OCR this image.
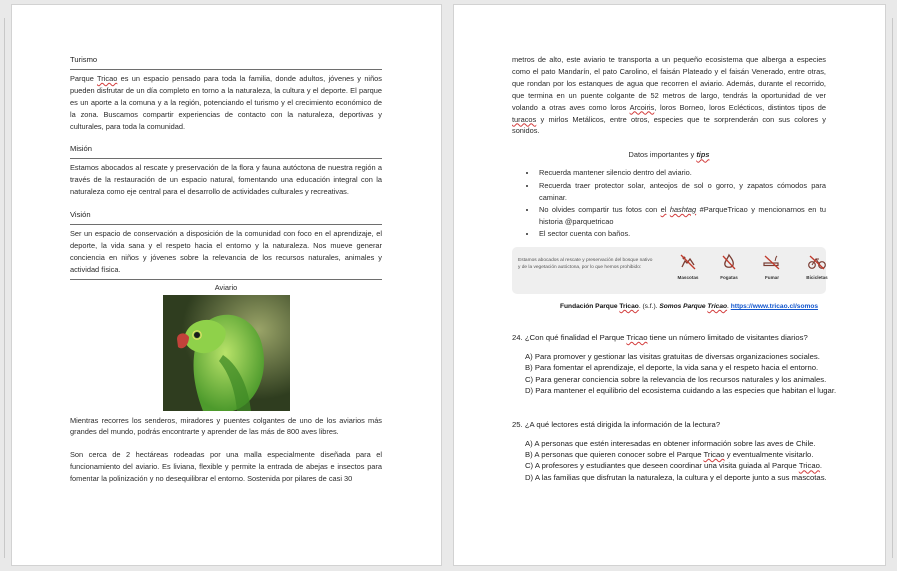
Turismo

Parque Tricao es un espacio pensado para toda la familia, donde adultos, jóvenes y niños pueden disfrutar de un día completo en torno a la naturaleza, la cultura y el deporte. El parque es un aporte a la comuna y a la región, potenciando el turismo y el crecimiento económico de la zona. Buscamos compartir experiencias de contacto con la naturaleza, deportivas y culturales, para toda la comunidad.

Misión

Estamos abocados al rescate y preservación de la flora y fauna autóctona de nuestra región a través de la restauración de un espacio natural, fomentando una educación integral con la naturaleza como eje central para el desarrollo de actividades culturales y recreativas.

Visión

Ser un espacio de conservación a disposición de la comunidad con foco en el aprendizaje, el deporte, la vida sana y el respeto hacia el entorno y la naturaleza. Nos mueve generar conciencia en niños y jóvenes sobre la relevancia de los recursos naturales, animales y actividad física.

Aviario

Mientras recorres los senderos, miradores y puentes colgantes de uno de los aviarios más grandes del mundo, podrás encontrarte y aprender de las más de 800 aves libres.

Son cerca de 2 hectáreas rodeadas por una malla especialmente diseñada para el funcionamiento del aviario. Es liviana, flexible y permite la entrada de abejas e insectos para fomentar la polinización y no desequilibrar el entorno. Sostenida por pilares de casi 30

metros de alto, este aviario te transporta a un pequeño ecosistema que alberga a especies como el pato Mandarín, el pato Carolino, el faisán Plateado y el faisán Venerado, entre otras, que rondan por los estanques de agua que recorren el aviario. Además, durante el recorrido, que termina en un puente colgante de 52 metros de largo, tendrás la oportunidad de ver volando a otras aves como loros Arcoiris, loros Borneo, loros Eclécticos, distintos tipos de turacos y mirlos Metálicos, entre otros, especies que te sorprenderán con sus colores y sonidos.

Datos importantes y tips
• Recuerda mantener silencio dentro del aviario.
• Recuerda traer protector solar, anteojos de sol o gorro, y zapatos cómodos para caminar.
• No olvides compartir tus fotos con el hashtag #ParqueTricao y mencionarnos en tu historia @parquetricao
• El sector cuenta con baños.
Estamos abocados al rescate y preservación del bosque nativo y de la vegetación autóctona, por lo que hemos prohibido:
Mascotas	Fogatas	Fumar	Bicicletas
Fundación Parque Tricao. (s.f.). Somos Parque Tricao. https://www.tricao.cl/somos
24. ¿Con qué finalidad el Parque Tricao tiene un número limitado de visitantes diarios?
A) Para promover y gestionar las visitas gratuitas de diversas organizaciones sociales.
B) Para fomentar el aprendizaje, el deporte, la vida sana y el respeto hacia el entorno.
C) Para generar conciencia sobre la relevancia de los recursos naturales y los animales.
D) Para mantener el equilibrio del ecosistema cuidando a las especies que habitan el lugar.
25. ¿A qué lectores está dirigida la información de la lectura?
A) A personas que estén interesadas en obtener información sobre las aves de Chile.
B) A personas que quieren conocer sobre el Parque Tricao y eventualmente visitarlo.
C) A profesores y estudiantes que deseen coordinar una visita guiada al Parque Tricao.
D) A las familias que disfrutan la naturaleza, la cultura y el deporte junto a sus mascotas.
